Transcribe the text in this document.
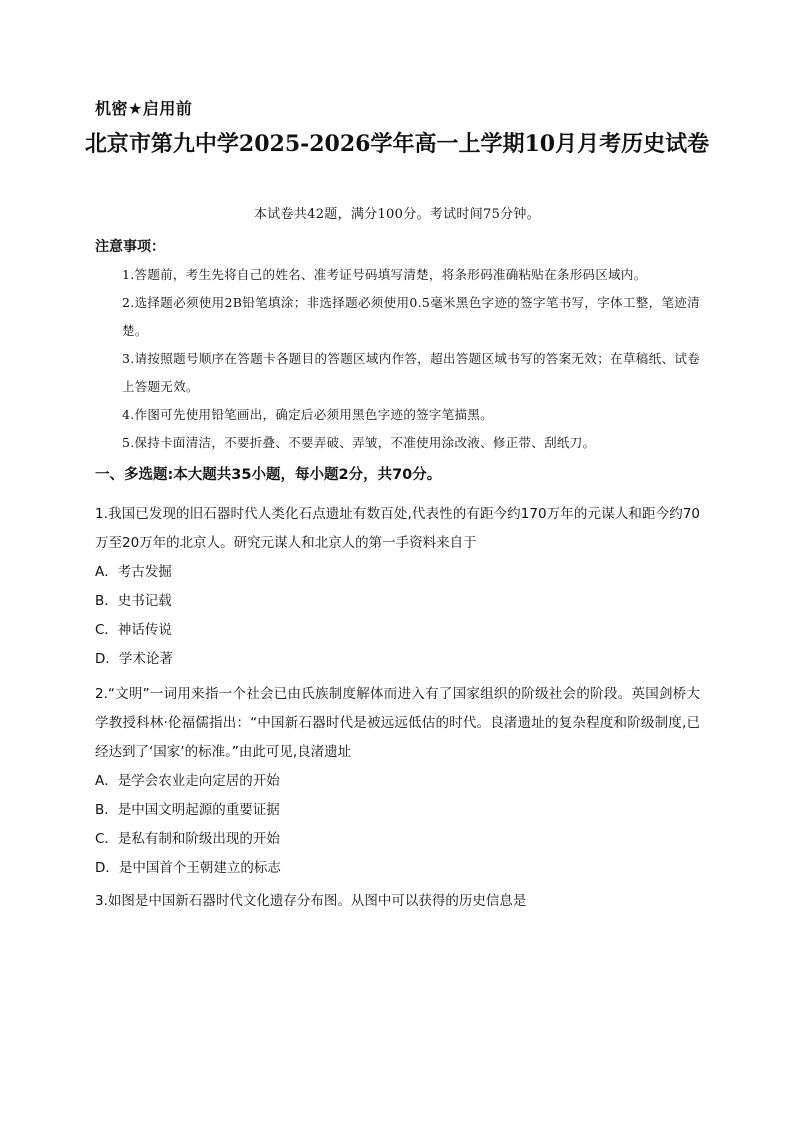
机密★启用前
北京市第九中学2025-2026学年高一上学期10月月考历史试卷
本试卷共42题，满分100分。考试时间75分钟。
注意事项：

1.答题前，考生先将自己的姓名、准考证号码填写清楚，将条形码准确粘贴在条形码区域内。

2.选择题必须使用2B铅笔填涂；非选择题必须使用0.5毫米黑色字迹的签字笔书写，字体工整，笔迹清楚。

3.请按照题号顺序在答题卡各题目的答题区域内作答，超出答题区域书写的答案无效；在草稿纸、试卷上答题无效。

4.作图可先使用铅笔画出，确定后必须用黑色字迹的签字笔描黑。

5.保持卡面清洁，不要折叠、不要弄破、弄皱，不准使用涂改液、修正带、刮纸刀。

一、多选题:本大题共35小题，每小题2分，共70分。

1.我国已发现的旧石器时代人类化石点遗址有数百处,代表性的有距今约170万年的元谋人和距今约70万至20万年的北京人。研究元谋人和北京人的第一手资料来自于

A．考古发掘

B．史书记载

C．神话传说

D．学术论著

2.“文明”一词用来指一个社会已由氏族制度解体而进入有了国家组织的阶级社会的阶段。英国剑桥大学教授科林·伦福儒指出：“中国新石器时代是被远远低估的时代。良渚遗址的复杂程度和阶级制度,已经达到了‘国家’的标准。”由此可见,良渚遗址

A．是学会农业走向定居的开始

B．是中国文明起源的重要证据

C．是私有制和阶级出现的开始

D．是中国首个王朝建立的标志

3.如图是中国新石器时代文化遗存分布图。从图中可以获得的历史信息是
